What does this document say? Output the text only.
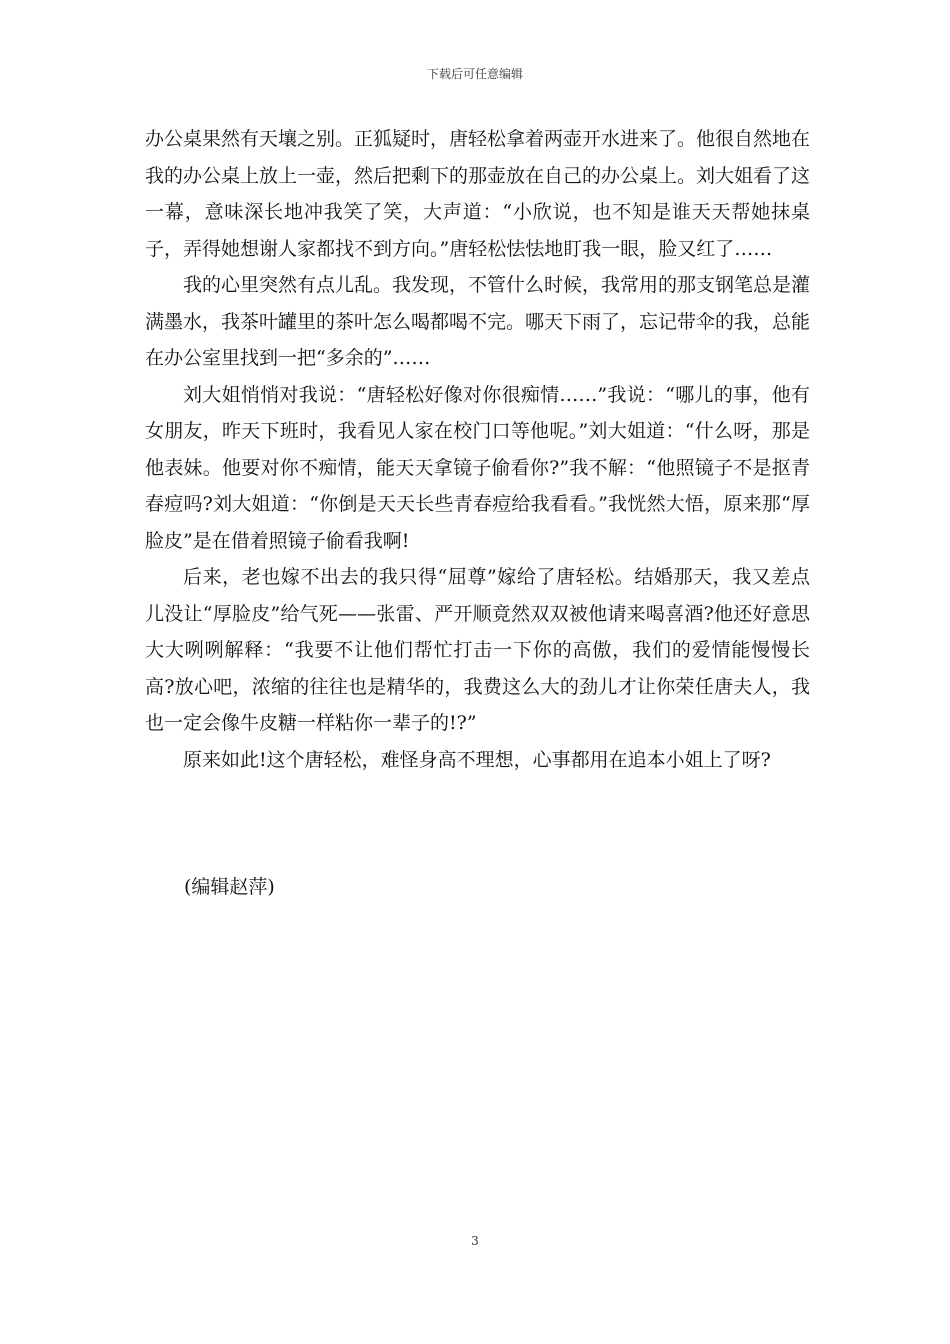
下载后可任意编辑

办公桌果然有天壤之别。正狐疑时，唐轻松拿着两壶开水进来了。他很自然地在我的办公桌上放上一壶，然后把剩下的那壶放在自己的办公桌上。刘大姐看了这一幕，意味深长地冲我笑了笑，大声道：“小欣说，也不知是谁天天帮她抹桌子，弄得她想谢人家都找不到方向。”唐轻松怯怯地盯我一眼，脸又红了……

我的心里突然有点儿乱。我发现，不管什么时候，我常用的那支钢笔总是灌满墨水，我茶叶罐里的茶叶怎么喝都喝不完。哪天下雨了，忘记带伞的我，总能在办公室里找到一把“多余的”……

刘大姐悄悄对我说：“唐轻松好像对你很痴情……”我说：“哪儿的事，他有女朋友，昨天下班时，我看见人家在校门口等他呢。”刘大姐道：“什么呀，那是他表妹。他要对你不痴情，能天天拿镜子偷看你?”我不解：“他照镜子不是抠青春痘吗?刘大姐道：“你倒是天天长些青春痘给我看看。”我恍然大悟，原来那“厚脸皮”是在借着照镜子偷看我啊!

后来，老也嫁不出去的我只得“屈尊”嫁给了唐轻松。结婚那天，我又差点儿没让“厚脸皮”给气死——张雷、严开顺竟然双双被他请来喝喜酒?他还好意思大大咧咧解释：“我要不让他们帮忙打击一下你的高傲，我们的爱情能慢慢长高?放心吧，浓缩的往往也是精华的，我费这么大的劲儿才让你荣任唐夫人，我也一定会像牛皮糖一样粘你一辈子的!?”

原来如此!这个唐轻松，难怪身高不理想，心事都用在追本小姐上了呀?

(编辑赵萍)
3
